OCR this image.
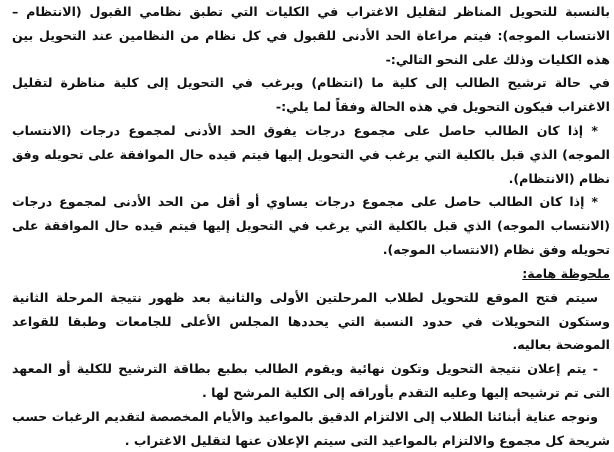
بالنسبة للتحويل المناظر لتقليل الاغتراب في الكليات التي تطبق نظامي القبول (الانتظام – الانتساب الموجه): فيتم مراعاة الحد الأدنى للقبول في كل نظام من النظامين عند التحويل بين هذه الكليات وذلك على النحو التالي:-

في حالة ترشيح الطالب إلى كلية ما (انتظام) ويرغب في التحويل إلى كلية مناظرة لتقليل الاغتراب فيكون التحويل في هذه الحالة وفقاً لما يلي:-

* إذا كان الطالب حاصل على مجموع درجات يفوق الحد الأدنى لمجموع درجات (الانتساب الموجه) الذي قبل بالكلية التي يرغب في التحويل إليها فيتم قيده حال الموافقة على تحويله وفق نظام (الانتظام).

* إذا كان الطالب حاصل على مجموع درجات يساوي أو أقل من الحد الأدنى لمجموع درجات (الانتساب الموجه) الذي قبل بالكلية التي يرغب في التحويل إليها فيتم قيده حال الموافقة على تحويله وفق نظام (الانتساب الموجه).

ملحوظة هامة:

سيتم فتح الموقع للتحويل لطلاب المرحلتين الأولى والثانية بعد ظهور نتيجة المرحلة الثانية وستكون التحويلات في حدود النسبة التي يحددها المجلس الأعلى للجامعات وطبقا للقواعد الموضحة بعاليه.

- يتم إعلان نتيجة التحويل وتكون نهائية ويقوم الطالب بطبع بطاقة الترشيح للكلية أو المعهد التى تم ترشيحه إليها وعليه التقدم بأوراقه إلى الكلية المرشح لها .

ونوجه عناية أبنائنا الطلاب إلى الالتزام الدقيق بالمواعيد والأيام المخصصة لتقديم الرغبات حسب شريحة كل مجموع والالتزام بالمواعيد التى سيتم الإعلان عنها لتقليل الاغتراب .
